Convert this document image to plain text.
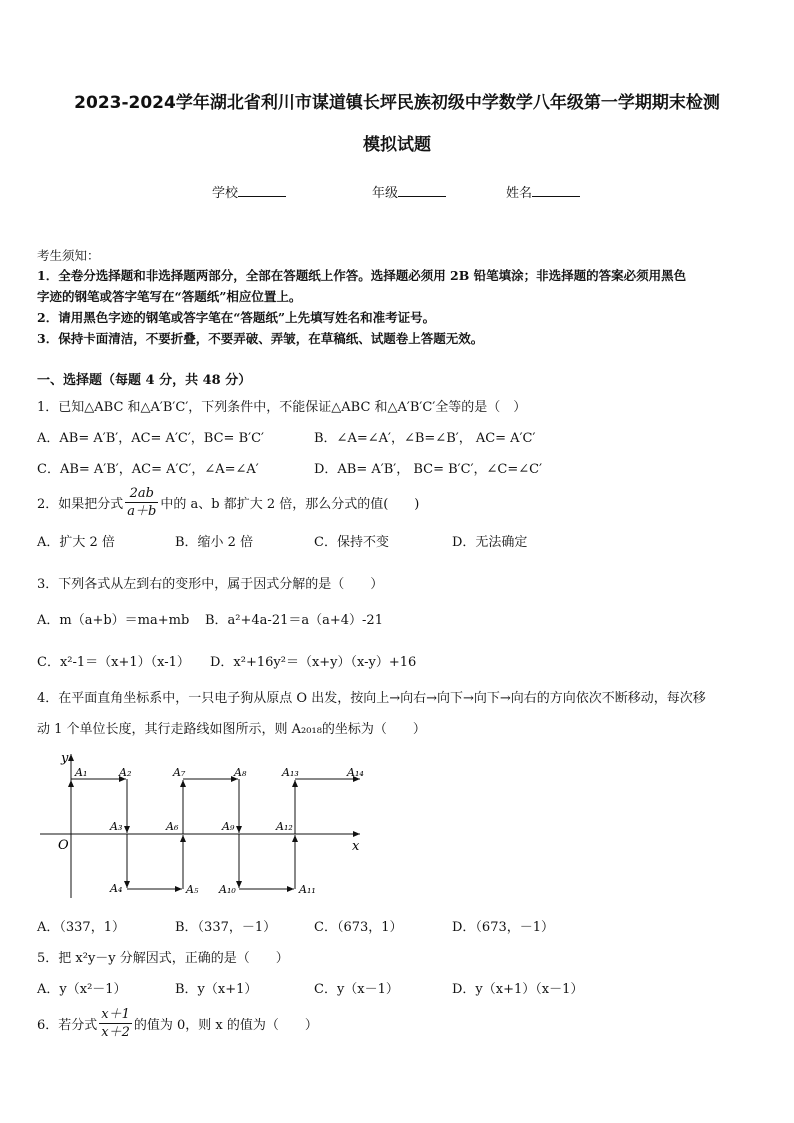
2023-2024学年湖北省利川市谋道镇长坪民族初级中学数学八年级第一学期期末检测
模拟试题
学校	年级	姓名
考生须知：
1．全卷分选择题和非选择题两部分，全部在答题纸上作答。选择题必须用 2B 铅笔填涂；非选择题的答案必须用黑色
字迹的钢笔或答字笔写在“答题纸”相应位置上。
2．请用黑色字迹的钢笔或答字笔在“答题纸”上先填写姓名和准考证号。
3．保持卡面清洁，不要折叠，不要弄破、弄皱，在草稿纸、试题卷上答题无效。
一、选择题（每题 4 分，共 48 分）
1．已知△ABC 和△A′B′C′，下列条件中，不能保证△ABC 和△A′B′C′全等的是（　）
A．AB= A′B′，AC= A′C′，BC= B′C′	B．∠A=∠A′，∠B=∠B′， AC= A′C′
C．AB= A′B′，AC= A′C′，∠A=∠A′	D．AB= A′B′， BC= B′C′，∠C=∠C′
2．如果把分式 $\frac{2ab}{a+b}$ 中的 a、b 都扩大 2 倍，那么分式的值(　　)
A．扩大 2 倍	B．缩小 2 倍	C．保持不变	D．无法确定
3．下列各式从左到右的变形中，属于因式分解的是（　　）
A．m（a+b）＝ma+mb B．a²+4a-21＝a（a+4）-21
C．x²-1＝（x+1）（x-1） D．x²+16y²＝（x+y）（x-y）+16
4．在平面直角坐标系中，一只电子狗从原点 O 出发，按向上→向右→向下→向下→向右的方向依次不断移动，每次移
动 1 个单位长度，其行走路线如图所示，则 A₂₀₁₈的坐标为（　　）
y
x
O
A₁	A₂
A₃
A₄	A₅
A₆
A₇	A₈
A₉
A₁₀	A₁₁
A₁₂
A₁₃	A₁₄
A．（337，1）	B．（337，－1）	C．（673，1）	D．（673，－1）
5．把 x²y－y 分解因式，正确的是（　　）
A．y（x²－1）	B．y（x+1）	C．y（x－1）	D．y（x+1）（x－1）
6．若分式 $\frac{x+1}{x+2}$ 的值为 0，则 x 的值为（　　）
